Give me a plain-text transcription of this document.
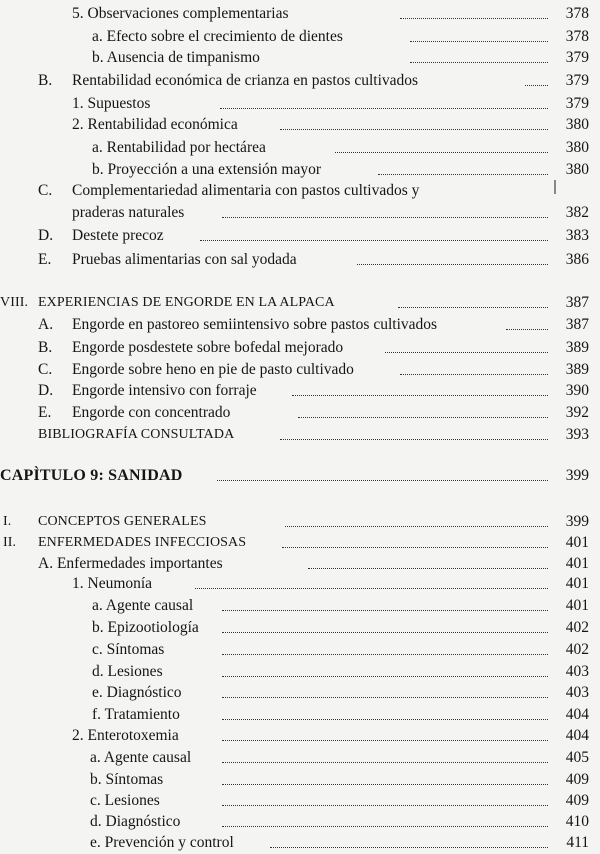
5. Observaciones complementarias	378
a. Efecto sobre el crecimiento de dientes	378
b. Ausencia de timpanismo	379
B. Rentabilidad económica de crianza en pastos cultivados	379
1. Supuestos	379
2. Rentabilidad económica	380
a. Rentabilidad por hectárea	380
b. Proyección a una extensión mayor	380
C. Complementariedad alimentaria con pastos cultivados y
praderas naturales	382
D. Destete precoz	383
E. Pruebas alimentarias con sal yodada	386
VIII. EXPERIENCIAS DE ENGORDE EN LA ALPACA	387
A. Engorde en pastoreo semiintensivo sobre pastos cultivados	387
B. Engorde posdestete sobre bofedal mejorado	389
C. Engorde sobre heno en pie de pasto cultivado	389
D. Engorde intensivo con forraje	390
E. Engorde con concentrado	392
BIBLIOGRAFÍA CONSULTADA	393
CAPÌTULO 9: SANIDAD	399
I. CONCEPTOS GENERALES	399
II. ENFERMEDADES INFECCIOSAS	401
A. Enfermedades importantes	401
1. Neumonía	401
a. Agente causal	401
b. Epizootiología	402
c. Síntomas	402
d. Lesiones	403
e. Diagnóstico	403
f. Tratamiento	404
2. Enterotoxemia	404
a. Agente causal	405
b. Síntomas	409
c. Lesiones	409
d. Diagnóstico	410
e. Prevención y control	411
